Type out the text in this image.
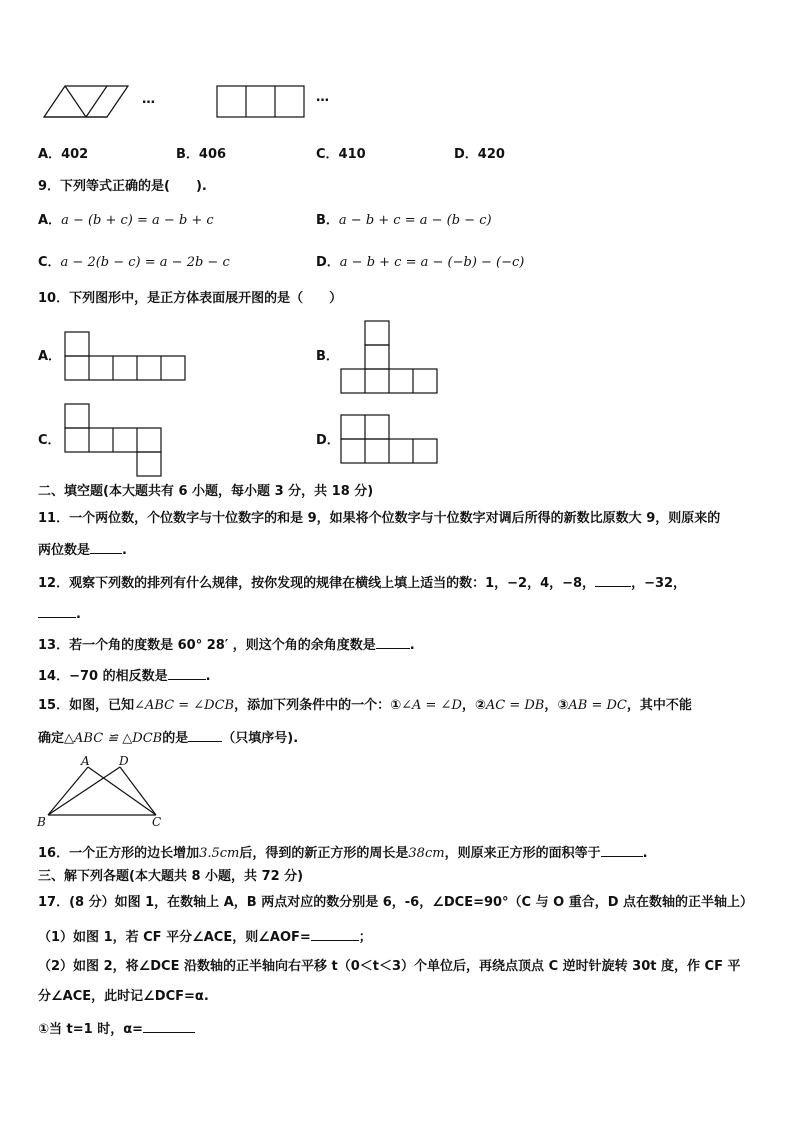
…	…
A．402	B．406	C．410	D．420
9．下列等式正确的是(　　).
A．a − (b + c) = a − b + c	B．a − b + c = a − (b − c)
C．a − 2(b − c) = a − 2b − c	D．a − b + c = a − (−b) − (−c)
10．下列图形中，是正方体表面展开图的是（　　）
A．	B．
C．	D．
二、填空题(本大题共有 6 小题，每小题 3 分，共 18 分)
11．一个两位数，个位数字与十位数字的和是 9，如果将个位数字与十位数字对调后所得的新数比原数大 9，则原来的
两位数是 .
12．观察下列数的排列有什么规律，按你发现的规律在横线上填上适当的数：1，−2，4，−8，	，−32，
.
13．若一个角的度数是 60° 28′ ，则这个角的余角度数是	.
14．−70 的相反数是	.
15．如图，已知∠ABC = ∠DCB，添加下列条件中的一个：①∠A = ∠D，②AC = DB，③AB = DC，其中不能
确定△ABC ≌ △DCB的是	（只填序号).
A D
B	C
16．一个正方形的边长增加3.5cm后，得到的新正方形的周长是38cm，则原来正方形的面积等于	.
三、解下列各题(本大题共 8 小题，共 72 分)
17．(8 分）如图 1，在数轴上 A，B 两点对应的数分别是 6，-6，∠DCE=90°（C 与 O 重合，D 点在数轴的正半轴上）
（1）如图 1，若 CF 平分∠ACE，则∠AOF=	；
（2）如图 2，将∠DCE 沿数轴的正半轴向右平移 t（0＜t＜3）个单位后，再绕点顶点 C 逆时针旋转 30t 度，作 CF 平
分∠ACE，此时记∠DCF=α.
①当 t=1 时，α=
